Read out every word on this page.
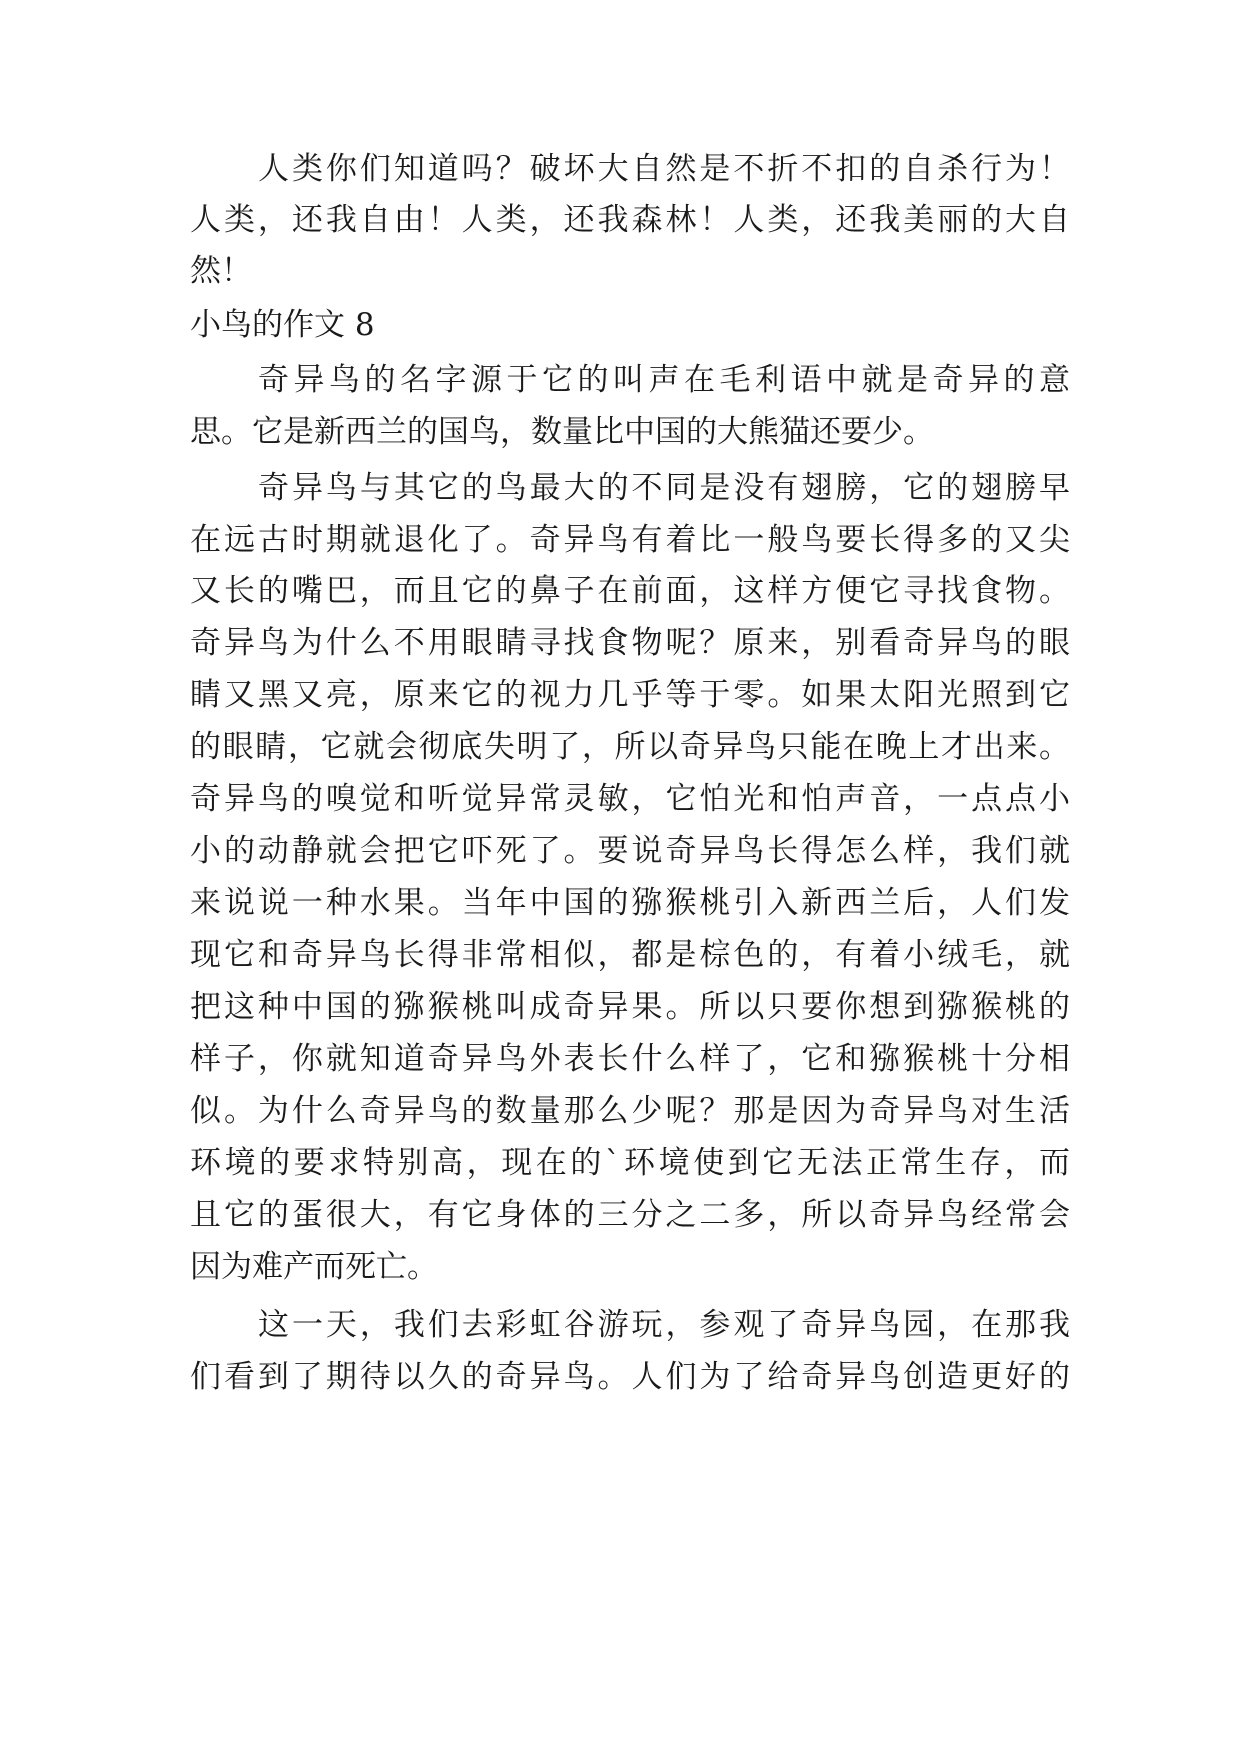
人类你们知道吗？破坏大自然是不折不扣的自杀行为！
人类，还我自由！人类，还我森林！人类，还我美丽的大自
然！
小鸟的作文 8
奇异鸟的名字源于它的叫声在毛利语中就是奇异的意
思。它是新西兰的国鸟，数量比中国的大熊猫还要少。
奇异鸟与其它的鸟最大的不同是没有翅膀，它的翅膀早
在远古时期就退化了。奇异鸟有着比一般鸟要长得多的又尖
又长的嘴巴，而且它的鼻子在前面，这样方便它寻找食物。
奇异鸟为什么不用眼睛寻找食物呢？原来，别看奇异鸟的眼
睛又黑又亮，原来它的视力几乎等于零。如果太阳光照到它
的眼睛，它就会彻底失明了，所以奇异鸟只能在晚上才出来。
奇异鸟的嗅觉和听觉异常灵敏，它怕光和怕声音，一点点小
小的动静就会把它吓死了。要说奇异鸟长得怎么样，我们就
来说说一种水果。当年中国的猕猴桃引入新西兰后，人们发
现它和奇异鸟长得非常相似，都是棕色的，有着小绒毛，就
把这种中国的猕猴桃叫成奇异果。所以只要你想到猕猴桃的
样子，你就知道奇异鸟外表长什么样了，它和猕猴桃十分相
似。为什么奇异鸟的数量那么少呢？那是因为奇异鸟对生活
环境的要求特别高，现在的`环境使到它无法正常生存，而
且它的蛋很大，有它身体的三分之二多，所以奇异鸟经常会
因为难产而死亡。
这一天，我们去彩虹谷游玩，参观了奇异鸟园，在那我
们看到了期待以久的奇异鸟。人们为了给奇异鸟创造更好的
